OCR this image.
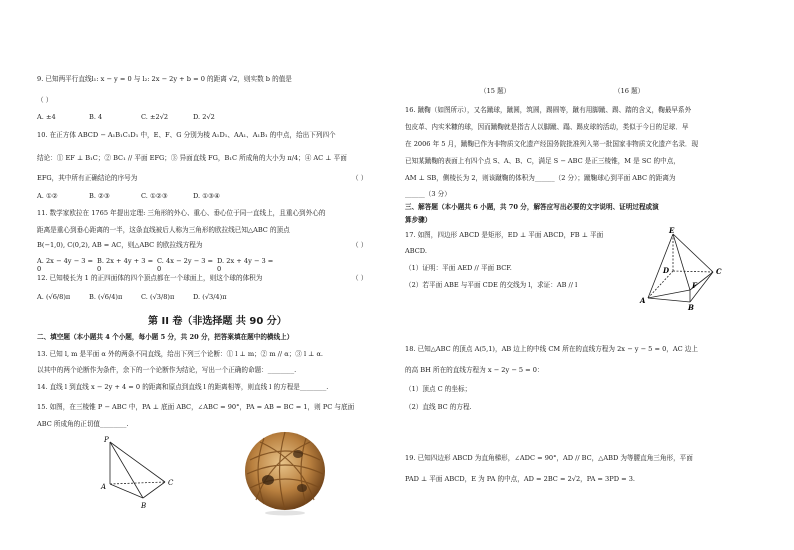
9. 已知两平行直线l₁: x − y = 0 与 l₂: 2x − 2y + b = 0 的距离 √2，则实数 b 的值是
（ ）
A. ±4	B. 4	C. ±2√2	D. 2√2
10. 在正方体 ABCD − A₁B₁C₁D₁ 中，E、F、G 分别为棱 A₁D₁、AA₁、A₁B₁ 的中点，给出下列四个
结论：① EF ⊥ B₁C；② BC₁ // 平面 EFG；③ 异面直线 FG，B₁C 所成角的大小为 π/4；④ AC ⊥ 平面
EFG，其中所有正确结论的序号为	（ ）
A. ①②	B. ②③	C. ①②③	D. ①③④
11. 数学家欧拉在 1765 年提出定理: 三角形的外心、重心、垂心位于同一直线上，且重心到外心的
距离是重心到垂心距离的一半，这条直线被后人称为三角形的欧拉线已知△ABC 的顶点
B(−1,0), C(0,2), AB = AC，则△ABC 的欧拉线方程为	（ ）
A. 2x − 4y − 3 = 0
B. 2x + 4y + 3 = 0
C. 4x − 2y − 3 = 0
D. 2x + 4y − 3 = 0
12. 已知棱长为 1 的正四面体的四个顶点都在一个球面上，则这个球的体积为	（ ）
A. (√6/8)π	B. (√6/4)π	C. (√3/8)π	D. (√3/4)π
第 II 卷（非选择题 共 90 分）
二、填空题（本小题共 4 个小题，每小题 5 分，共 20 分，把答案填在题中的横线上）
13. 已知 l, m 是平面 α 外的两条不同直线，给出下列三个论断：① l ⊥ m；② m // α；③ l ⊥ α.
以其中的两个论断作为条件，余下的一个论断作为结论，写出一个正确的命题：________.
14. 直线 l 到直线 x − 2y + 4 = 0 的距离和原点到直线 l 的距离相等，则直线 l 的方程是________.
15. 如图，在三棱锥 P − ABC 中，PA ⊥ 底面 ABC，∠ABC = 90°，PA = AB = BC = 1，则 PC 与底面
ABC 所成角的正切值________.
P
A	C
B
（15 题）	（16 题）
16. 蹴鞠（如图所示），又名蹴球，蹴圆，筑圆，踢圆等，蹴有用脚蹴、踢、踏的含义，鞠最早系外
包皮革、内实米糠的球，因而蹴鞠就是指古人以脚蹴、蹋、踢皮球的活动，类似于今日的足球．早
在 2006 年 5 月，蹴鞠已作为非物质文化遗产经国务院批准列入第一批国家非物质文化遗产名录．现
已知某蹴鞠的表面上有四个点 S、A、B、C，满足 S − ABC 是正三棱锥，M 是 SC 的中点，
AM ⊥ SB，侧棱长为 2，则该蹴鞠的体积为______（2 分）；蹴鞠球心到平面 ABC 的距离为
______（3 分）
三、解答题（本小题共 6 小题，共 70 分，解答应写出必要的文字说明、证明过程或演
算步骤）
17. 如图，四边形 ABCD 是矩形，ED ⊥ 平面 ABCD，FB ⊥ 平面
ABCD.
（1）证明：平面 AED // 平面 BCF.
（2）若平面 ABE 与平面 CDE 的交线为 l，求证：AB // l
E
D	C
F
A
B
18. 已知△ABC 的顶点 A(5,1)，AB 边上的中线 CM 所在的直线方程为 2x − y − 5 = 0，AC 边上
的高 BH 所在的直线方程为 x − 2y − 5 = 0：
（1）顶点 C 的坐标；
（2）直线 BC 的方程.
19. 已知四边形 ABCD 为直角梯形，∠ADC = 90°，AD // BC，△ABD 为等腰直角三角形，平面
PAD ⊥ 平面 ABCD，E 为 PA 的中点，AD = 2BC = 2√2，PA = 3PD = 3.
